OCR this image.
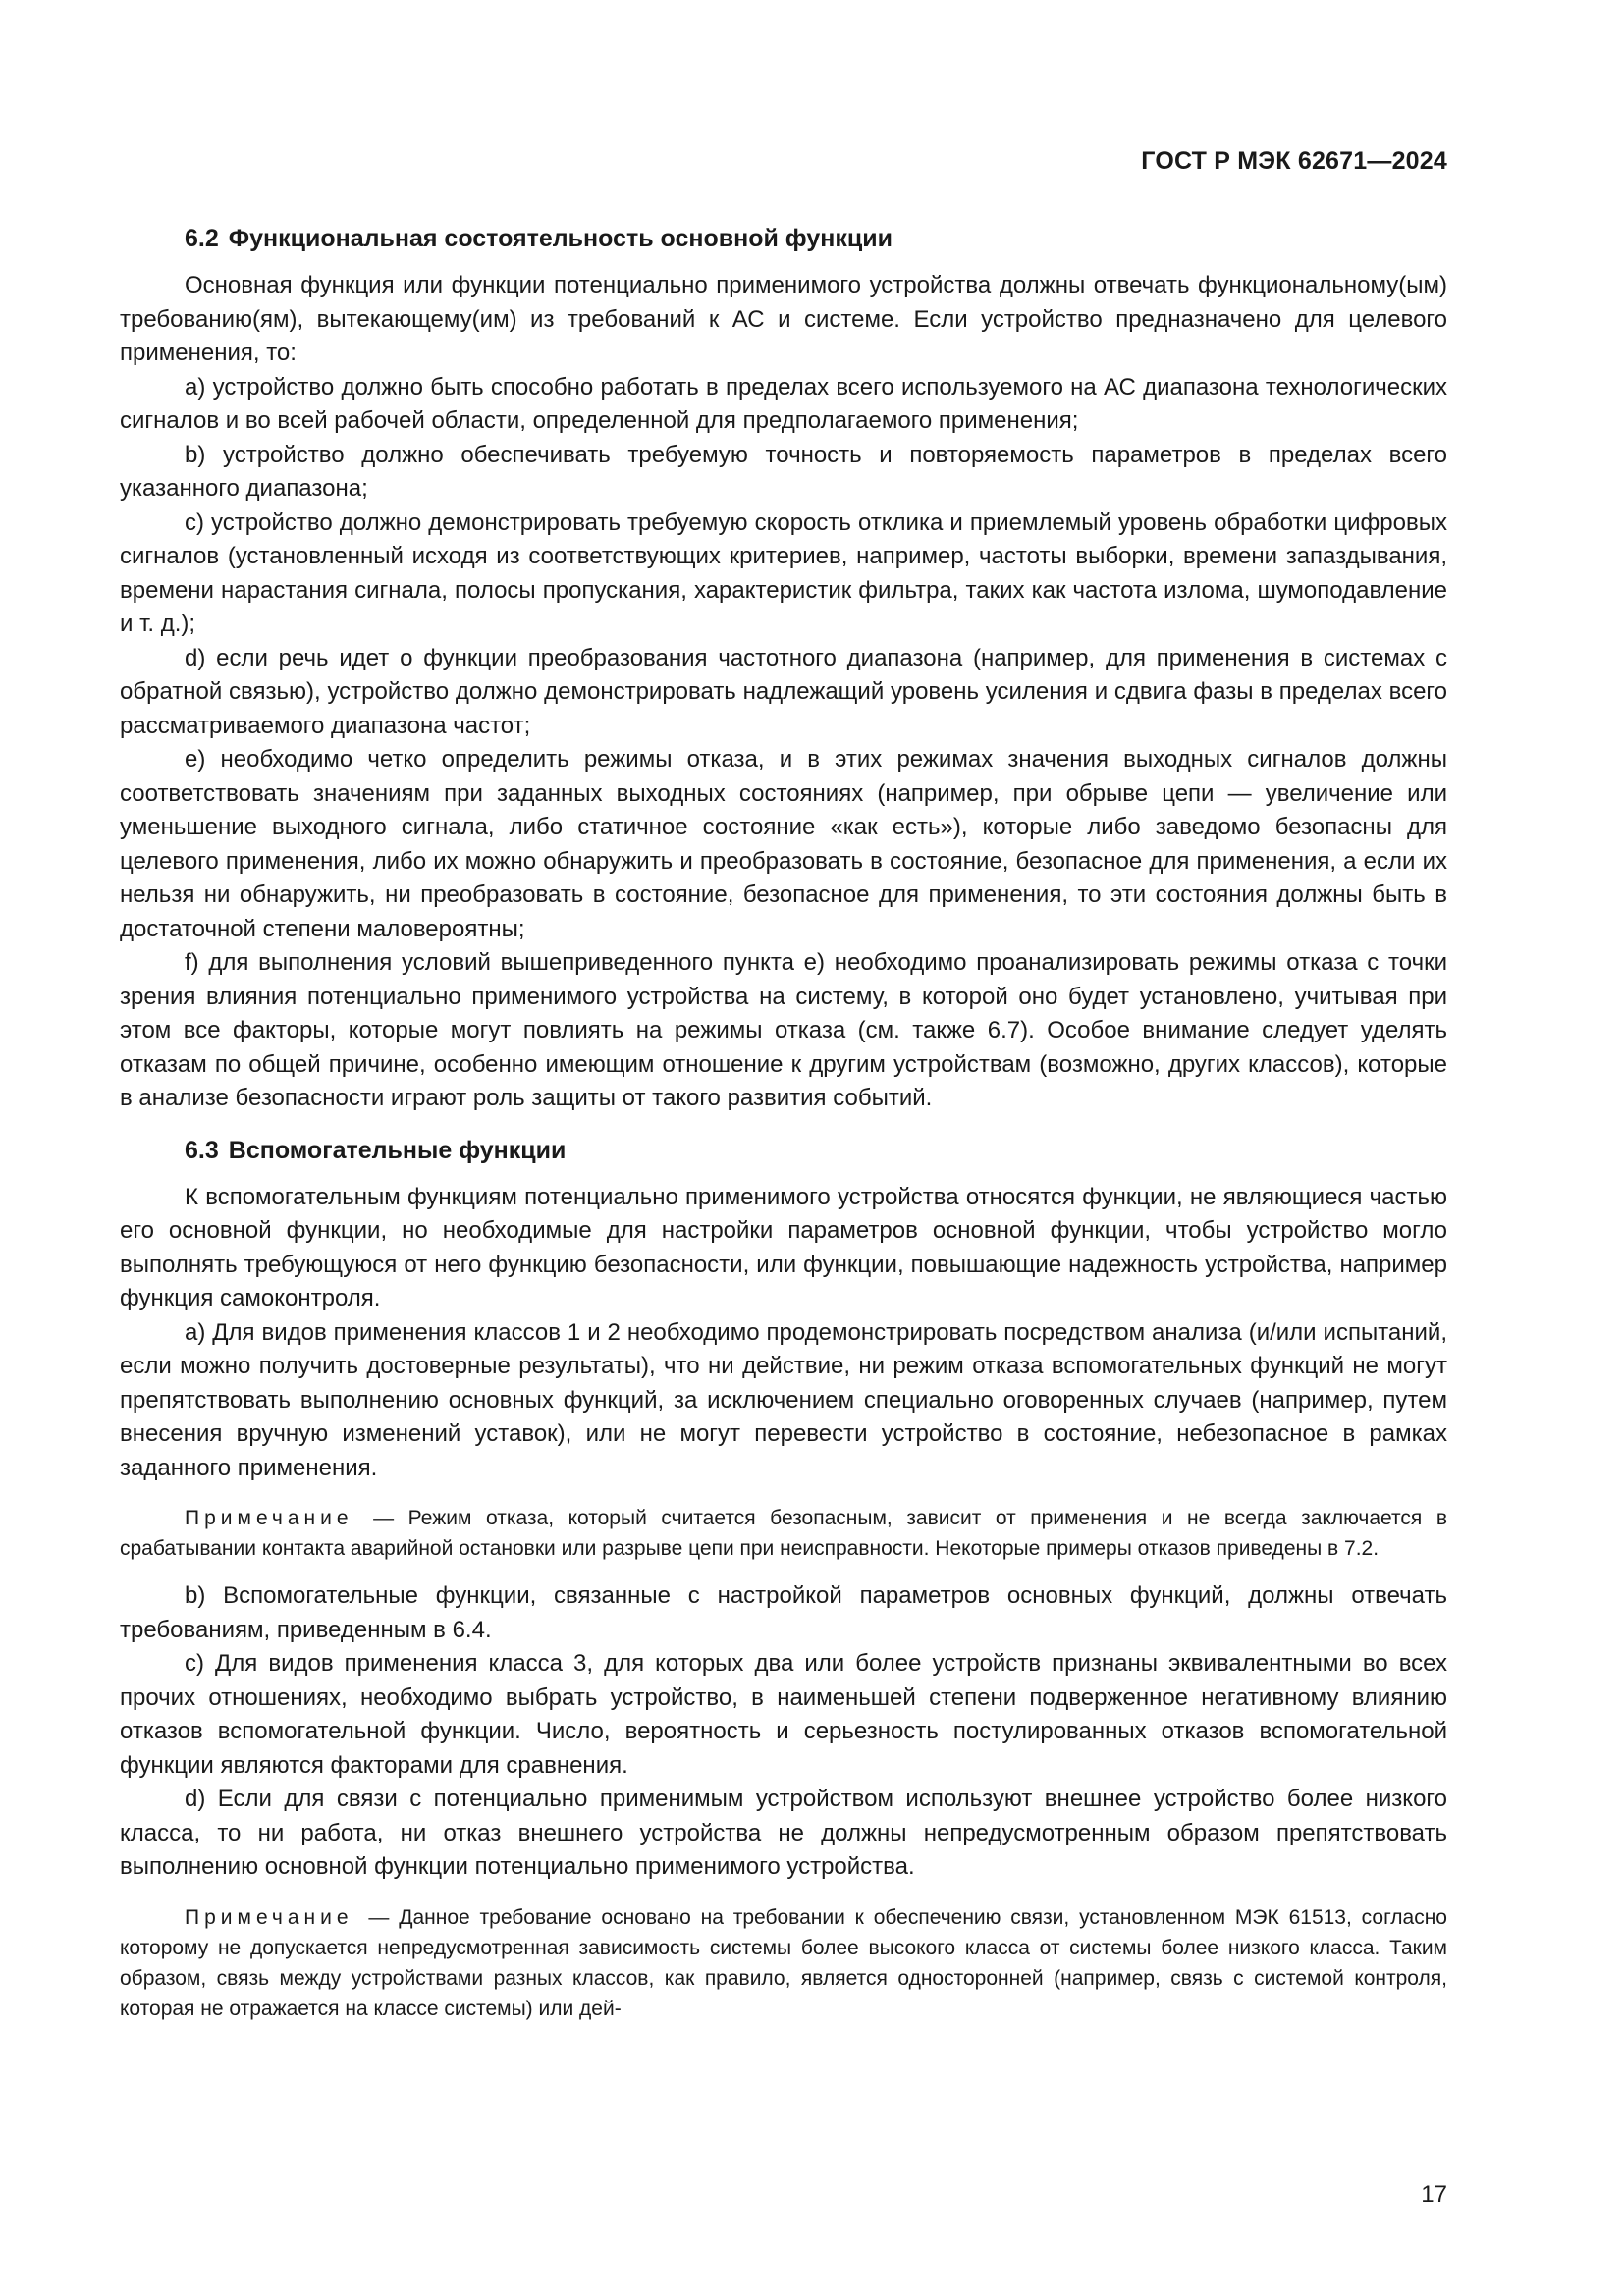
ГОСТ Р МЭК 62671—2024
6.2 Функциональная состоятельность основной функции

Основная функция или функции потенциально применимого устройства должны отвечать функциональному(ым) требованию(ям), вытекающему(им) из требований к АС и системе. Если устройство предназначено для целевого применения, то:

a) устройство должно быть способно работать в пределах всего используемого на АС диапазона технологических сигналов и во всей рабочей области, определенной для предполагаемого применения;

b) устройство должно обеспечивать требуемую точность и повторяемость параметров в пределах всего указанного диапазона;

c) устройство должно демонстрировать требуемую скорость отклика и приемлемый уровень обработки цифровых сигналов (установленный исходя из соответствующих критериев, например, частоты выборки, времени запаздывания, времени нарастания сигнала, полосы пропускания, характеристик фильтра, таких как частота излома, шумоподавление и т. д.);

d) если речь идет о функции преобразования частотного диапазона (например, для применения в системах с обратной связью), устройство должно демонстрировать надлежащий уровень усиления и сдвига фазы в пределах всего рассматриваемого диапазона частот;

e) необходимо четко определить режимы отказа, и в этих режимах значения выходных сигналов должны соответствовать значениям при заданных выходных состояниях (например, при обрыве цепи — увеличение или уменьшение выходного сигнала, либо статичное состояние «как есть»), которые либо заведомо безопасны для целевого применения, либо их можно обнаружить и преобразовать в состояние, безопасное для применения, а если их нельзя ни обнаружить, ни преобразовать в состояние, безопасное для применения, то эти состояния должны быть в достаточной степени маловероятны;

f) для выполнения условий вышеприведенного пункта e) необходимо проанализировать режимы отказа с точки зрения влияния потенциально применимого устройства на систему, в которой оно будет установлено, учитывая при этом все факторы, которые могут повлиять на режимы отказа (см. также 6.7). Особое внимание следует уделять отказам по общей причине, особенно имеющим отношение к другим устройствам (возможно, других классов), которые в анализе безопасности играют роль защиты от такого развития событий.

6.3 Вспомогательные функции

К вспомогательным функциям потенциально применимого устройства относятся функции, не являющиеся частью его основной функции, но необходимые для настройки параметров основной функции, чтобы устройство могло выполнять требующуюся от него функцию безопасности, или функции, повышающие надежность устройства, например функция самоконтроля.

a) Для видов применения классов 1 и 2 необходимо продемонстрировать посредством анализа (и/или испытаний, если можно получить достоверные результаты), что ни действие, ни режим отказа вспомогательных функций не могут препятствовать выполнению основных функций, за исключением специально оговоренных случаев (например, путем внесения вручную изменений уставок), или не могут перевести устройство в состояние, небезопасное в рамках заданного применения.

Примечание — Режим отказа, который считается безопасным, зависит от применения и не всегда заключается в срабатывании контакта аварийной остановки или разрыве цепи при неисправности. Некоторые примеры отказов приведены в 7.2.

b) Вспомогательные функции, связанные с настройкой параметров основных функций, должны отвечать требованиям, приведенным в 6.4.

c) Для видов применения класса 3, для которых два или более устройств признаны эквивалентными во всех прочих отношениях, необходимо выбрать устройство, в наименьшей степени подверженное негативному влиянию отказов вспомогательной функции. Число, вероятность и серьезность постулированных отказов вспомогательной функции являются факторами для сравнения.

d) Если для связи с потенциально применимым устройством используют внешнее устройство более низкого класса, то ни работа, ни отказ внешнего устройства не должны непредусмотренным образом препятствовать выполнению основной функции потенциально применимого устройства.

Примечание — Данное требование основано на требовании к обеспечению связи, установленном МЭК 61513, согласно которому не допускается непредусмотренная зависимость системы более высокого класса от системы более низкого класса. Таким образом, связь между устройствами разных классов, как правило, является односторонней (например, связь с системой контроля, которая не отражается на классе системы) или дей-

17
